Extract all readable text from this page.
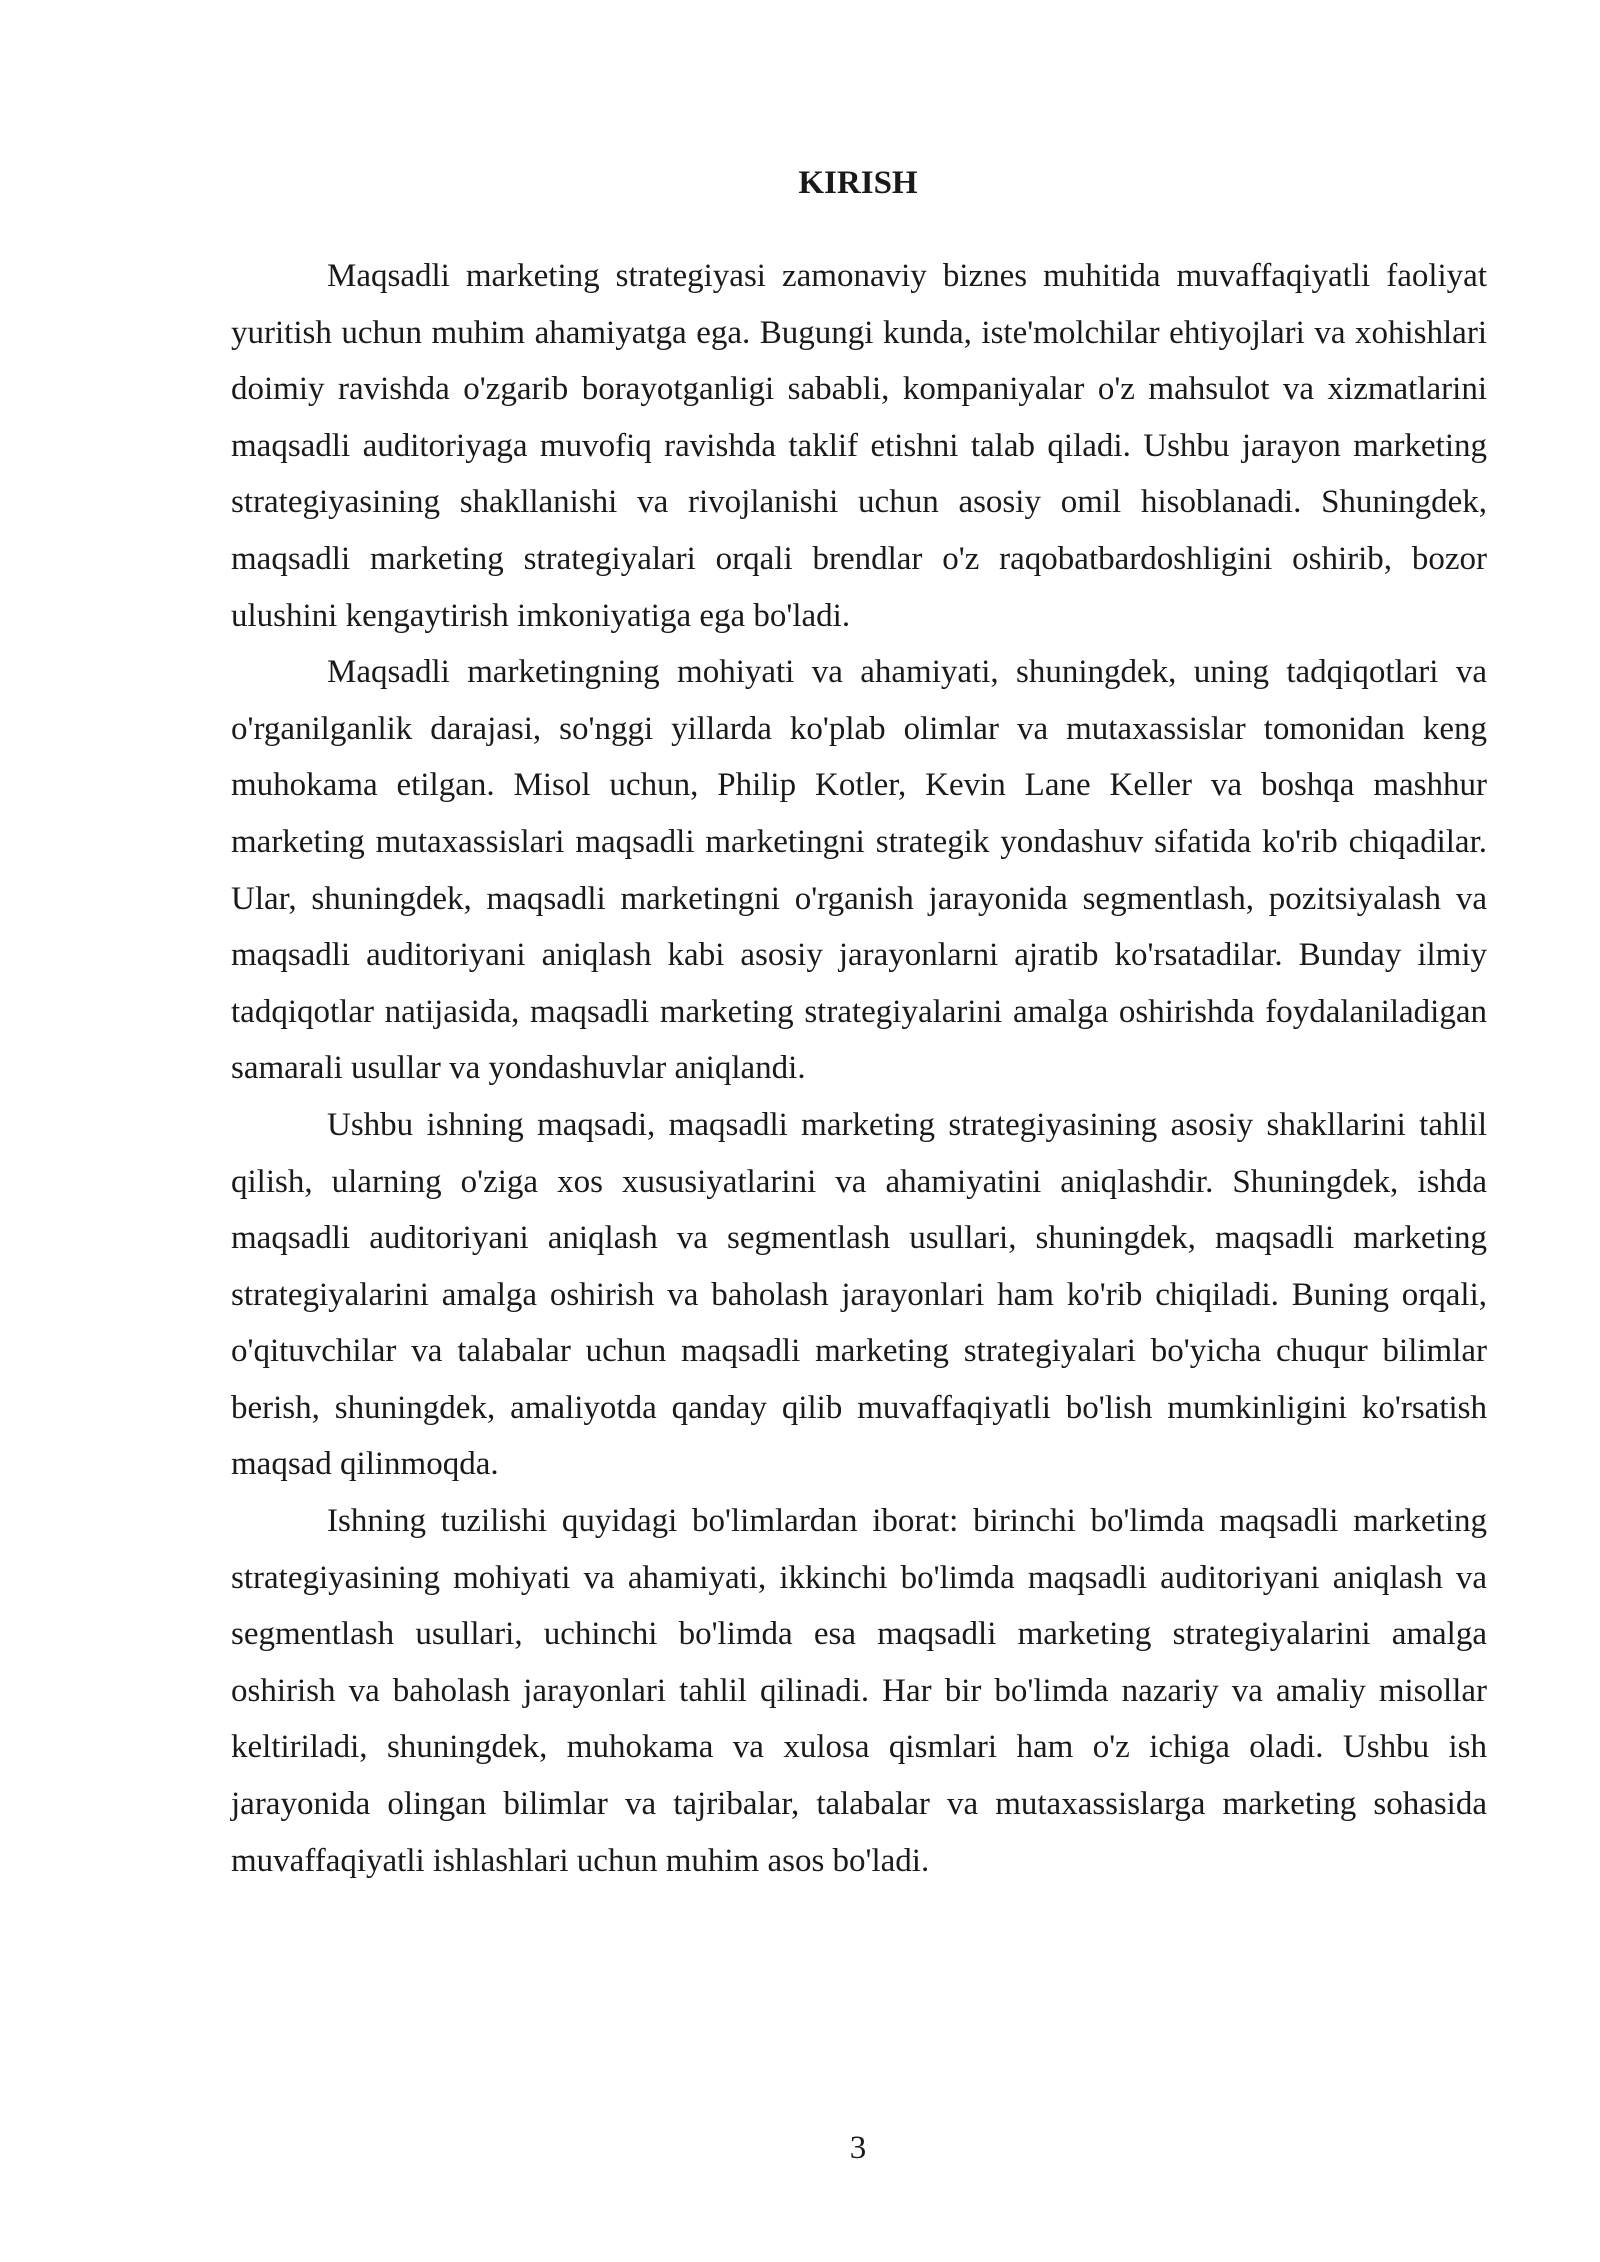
KIRISH

Maqsadli marketing strategiyasi zamonaviy biznes muhitida muvaffaqiyatli faoliyat yuritish uchun muhim ahamiyatga ega. Bugungi kunda, iste'molchilar ehtiyojlari va xohishlari doimiy ravishda o'zgarib borayotganligi sababli, kompaniyalar o'z mahsulot va xizmatlarini maqsadli auditoriyaga muvofiq ravishda taklif etishni talab qiladi. Ushbu jarayon marketing strategiyasining shakllanishi va rivojlanishi uchun asosiy omil hisoblanadi. Shuningdek, maqsadli marketing strategiyalari orqali brendlar o'z raqobatbardoshligini oshirib, bozor ulushini kengaytirish imkoniyatiga ega bo'ladi.

Maqsadli marketingning mohiyati va ahamiyati, shuningdek, uning tadqiqotlari va o'rganilganlik darajasi, so'nggi yillarda ko'plab olimlar va mutaxassislar tomonidan keng muhokama etilgan. Misol uchun, Philip Kotler, Kevin Lane Keller va boshqa mashhur marketing mutaxassislari maqsadli marketingni strategik yondashuv sifatida ko'rib chiqadilar. Ular, shuningdek, maqsadli marketingni o'rganish jarayonida segmentlash, pozitsiyalash va maqsadli auditoriyani aniqlash kabi asosiy jarayonlarni ajratib ko'rsatadilar. Bunday ilmiy tadqiqotlar natijasida, maqsadli marketing strategiyalarini amalga oshirishda foydalaniladigan samarali usullar va yondashuvlar aniqlandi.

Ushbu ishning maqsadi, maqsadli marketing strategiyasining asosiy shakllarini tahlil qilish, ularning o'ziga xos xususiyatlarini va ahamiyatini aniqlashdir. Shuningdek, ishda maqsadli auditoriyani aniqlash va segmentlash usullari, shuningdek, maqsadli marketing strategiyalarini amalga oshirish va baholash jarayonlari ham ko'rib chiqiladi. Buning orqali, o'qituvchilar va talabalar uchun maqsadli marketing strategiyalari bo'yicha chuqur bilimlar berish, shuningdek, amaliyotda qanday qilib muvaffaqiyatli bo'lish mumkinligini ko'rsatish maqsad qilinmoqda.

Ishning tuzilishi quyidagi bo'limlardan iborat: birinchi bo'limda maqsadli marketing strategiyasining mohiyati va ahamiyati, ikkinchi bo'limda maqsadli auditoriyani aniqlash va segmentlash usullari, uchinchi bo'limda esa maqsadli marketing strategiyalarini amalga oshirish va baholash jarayonlari tahlil qilinadi. Har bir bo'limda nazariy va amaliy misollar keltiriladi, shuningdek, muhokama va xulosa qismlari ham o'z ichiga oladi. Ushbu ish jarayonida olingan bilimlar va tajribalar, talabalar va mutaxassislarga marketing sohasida muvaffaqiyatli ishlashlari uchun muhim asos bo'ladi.

3
